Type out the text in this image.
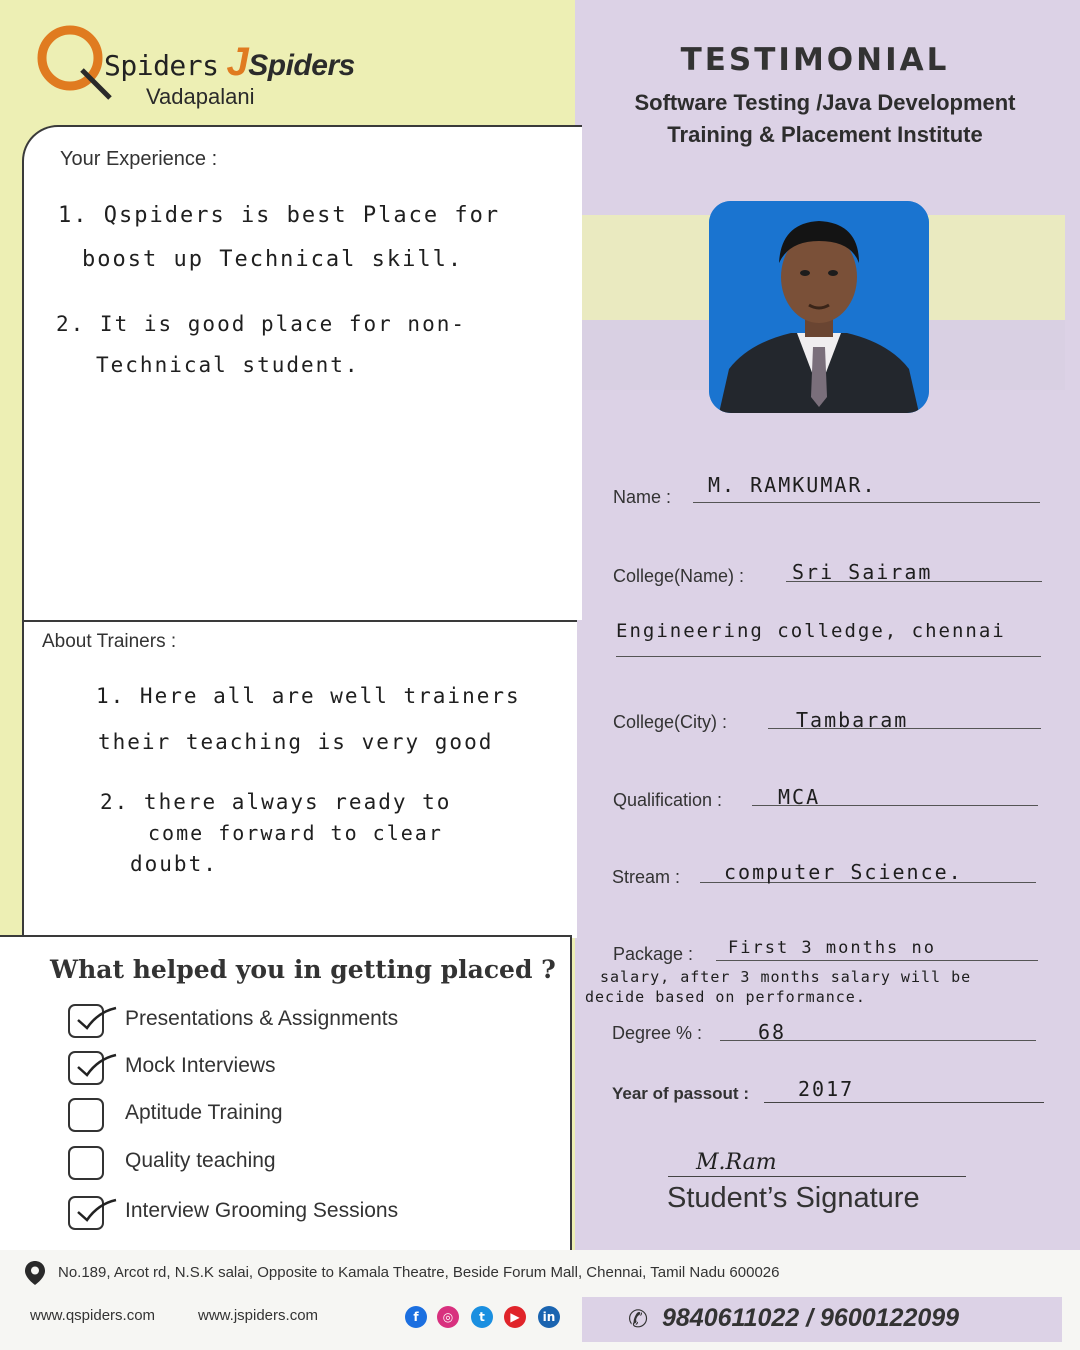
Spiders JSpiders
Vadapalani
TESTIMONIAL
Software Testing /Java Development
Training & Placement Institute
Your Experience :
1. Qspiders is best Place for
boost up Technical skill.
2. It is good place for non-
Technical student.
About Trainers :
1. Here all are well trainers
their teaching is very good
2. there always ready to
come forward to clear
doubt.
What helped you in getting placed ?
Presentations & Assignments
Mock Interviews
Aptitude Training
Quality teaching
Interview Grooming Sessions
Name : M. RAMKUMAR.
College(Name) : Sri Sairam
Engineering colledge, chennai
College(City) :	Tambaram
Qualification :	MCA
Stream : computer Science.
Package : First 3 months no
salary, after 3 months salary will be
decide based on performance.
Degree % :	68
Year of passout : 2017
M.Ram
Student’s Signature
No.189, Arcot rd, N.S.K salai, Opposite to Kamala Theatre, Beside Forum Mall, Chennai, Tamil Nadu 600026
www.qspiders.com	www.jspiders.com	f	◎	t	▶	in	✆ 9840611022 / 9600122099
